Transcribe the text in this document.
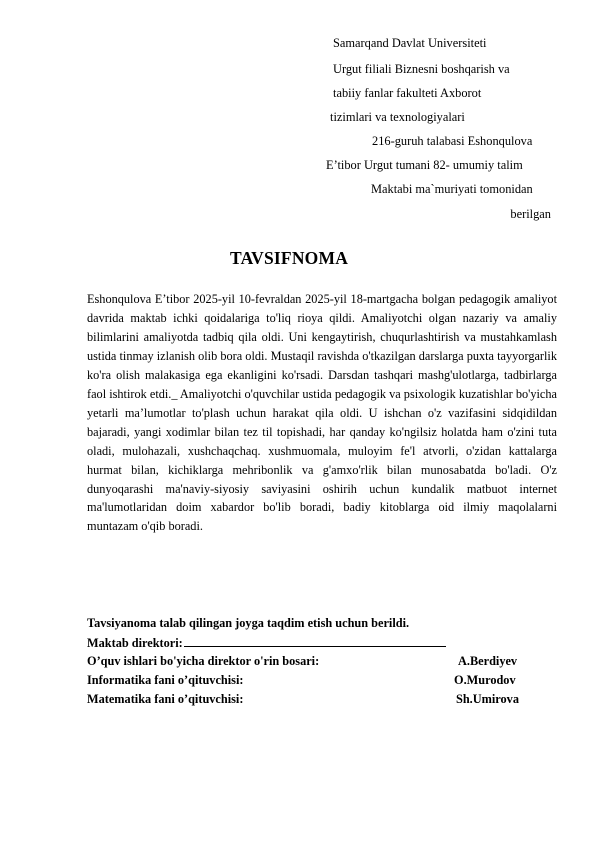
Samarqand Davlat Universiteti
Urgut filiali Biznesni boshqarish va
tabiiy fanlar fakulteti Axborot
tizimlari va texnologiyalari
216-guruh talabasi Eshonqulova
E’tibor Urgut tumani 82- umumiy talim
Maktabi ma`muriyati tomonidan
berilgan
TAVSIFNOMA
Eshonqulova E’tibor 2025-yil 10-fevraldan 2025-yil 18-martgacha bolgan pedagogik amaliyot davrida maktab ichki qoidalariga to'liq rioya qildi. Amaliyotchi olgan nazariy va amaliy bilimlarini amaliyotda tadbiq qila oldi. Uni kengaytirish, chuqurlashtirish va mustahkamlash ustida tinmay izlanish olib bora oldi. Mustaqil ravishda o'tkazilgan darslarga puxta tayyorgarlik ko'ra olish malakasiga ega ekanligini ko'rsadi. Darsdan tashqari mashg'ulotlarga, tadbirlarga faol ishtirok etdi._ Amaliyotchi o'quvchilar ustida pedagogik va psixologik kuzatishlar bo'yicha yetarli ma’lumotlar to'plash uchun harakat qila oldi. U ishchan o'z vazifasini sidqidildan bajaradi, yangi xodimlar bilan tez til topishadi, har qanday ko'ngilsiz holatda ham o'zini tuta oladi, mulohazali, xushchaqchaq. xushmuomala, muloyim fe'l atvorli, o'zidan kattalarga hurmat bilan, kichiklarga mehribonlik va g'amxo'rlik bilan munosabatda bo'ladi. O'z dunyoqarashi ma'naviy-siyosiy saviyasini oshirih uchun kundalik matbuot internet ma'lumotlaridan doim xabardor bo'lib boradi, badiy kitoblarga oid ilmiy maqolalarni muntazam o'qib boradi.
Tavsiyanoma talab qilingan joyga taqdim etish uchun berildi.
Maktab direktori:
O’quv ishlari bo'yicha direktor o'rin bosari:	A.Berdiyev
Informatika fani o’qituvchisi:	O.Murodov
Matematika fani o’qituvchisi:	Sh.Umirova
